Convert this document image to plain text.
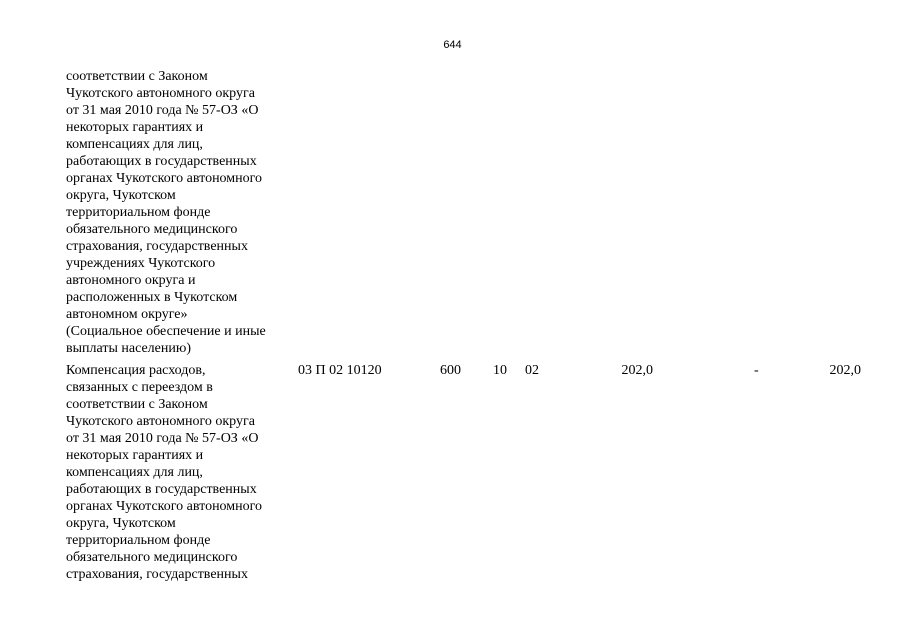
644
соответствии с Законом
Чукотского автономного округа
от 31 мая 2010 года № 57-ОЗ «О
некоторых гарантиях и
компенсациях для лиц,
работающих в государственных
органах Чукотского автономного
округа, Чукотском
территориальном фонде
обязательного медицинского
страхования, государственных
учреждениях Чукотского
автономного округа и
расположенных в Чукотском
автономном округе»
(Социальное обеспечение и иные
выплаты населению)
Компенсация расходов,
связанных с переездом в
соответствии с Законом
Чукотского автономного округа
от 31 мая 2010 года № 57-ОЗ «О
некоторых гарантиях и
компенсациях для лиц,
работающих в государственных
органах Чукотского автономного
округа, Чукотском
территориальном фонде
обязательного медицинского
страхования, государственных
03 П 02 10120	600 10 02	202,0	-	202,0
